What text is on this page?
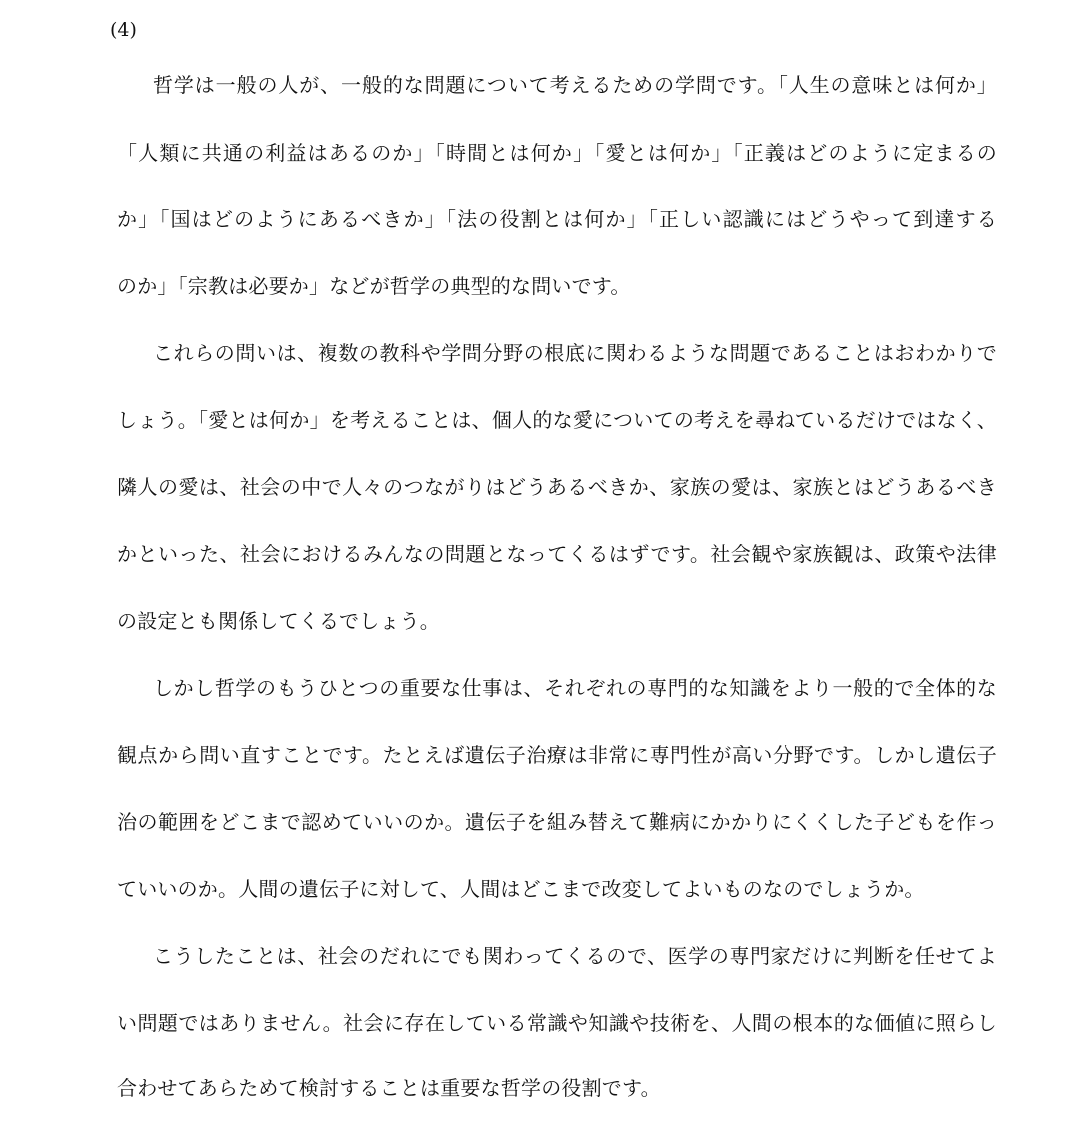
(4)
哲学は一般の人が、一般的な問題について考えるための学問です。「人生の意味とは何か」
「人類に共通の利益はあるのか」「時間とは何か」「愛とは何か」「正義はどのように定まるの
か」「国はどのようにあるべきか」「法の役割とは何か」「正しい認識にはどうやって到達する
のか」「宗教は必要か」などが哲学の典型的な問いです。
これらの問いは、複数の教科や学問分野の根底に関わるような問題であることはおわかりで
しょう。「愛とは何か」を考えることは、個人的な愛についての考えを尋ねているだけではなく、
隣人の愛は、社会の中で人々のつながりはどうあるべきか、家族の愛は、家族とはどうあるべき
かといった、社会におけるみんなの問題となってくるはずです。社会観や家族観は、政策や法律
の設定とも関係してくるでしょう。
しかし哲学のもうひとつの重要な仕事は、それぞれの専門的な知識をより一般的で全体的な
観点から問い直すことです。たとえば遺伝子治療は非常に専門性が高い分野です。しかし遺伝子
治の範囲をどこまで認めていいのか。遺伝子を組み替えて難病にかかりにくくした子どもを作っ
ていいのか。人間の遺伝子に対して、人間はどこまで改変してよいものなのでしょうか。
こうしたことは、社会のだれにでも関わってくるので、医学の専門家だけに判断を任せてよ
い問題ではありません。社会に存在している常識や知識や技術を、人間の根本的な価値に照らし
合わせてあらためて検討することは重要な哲学の役割です。
